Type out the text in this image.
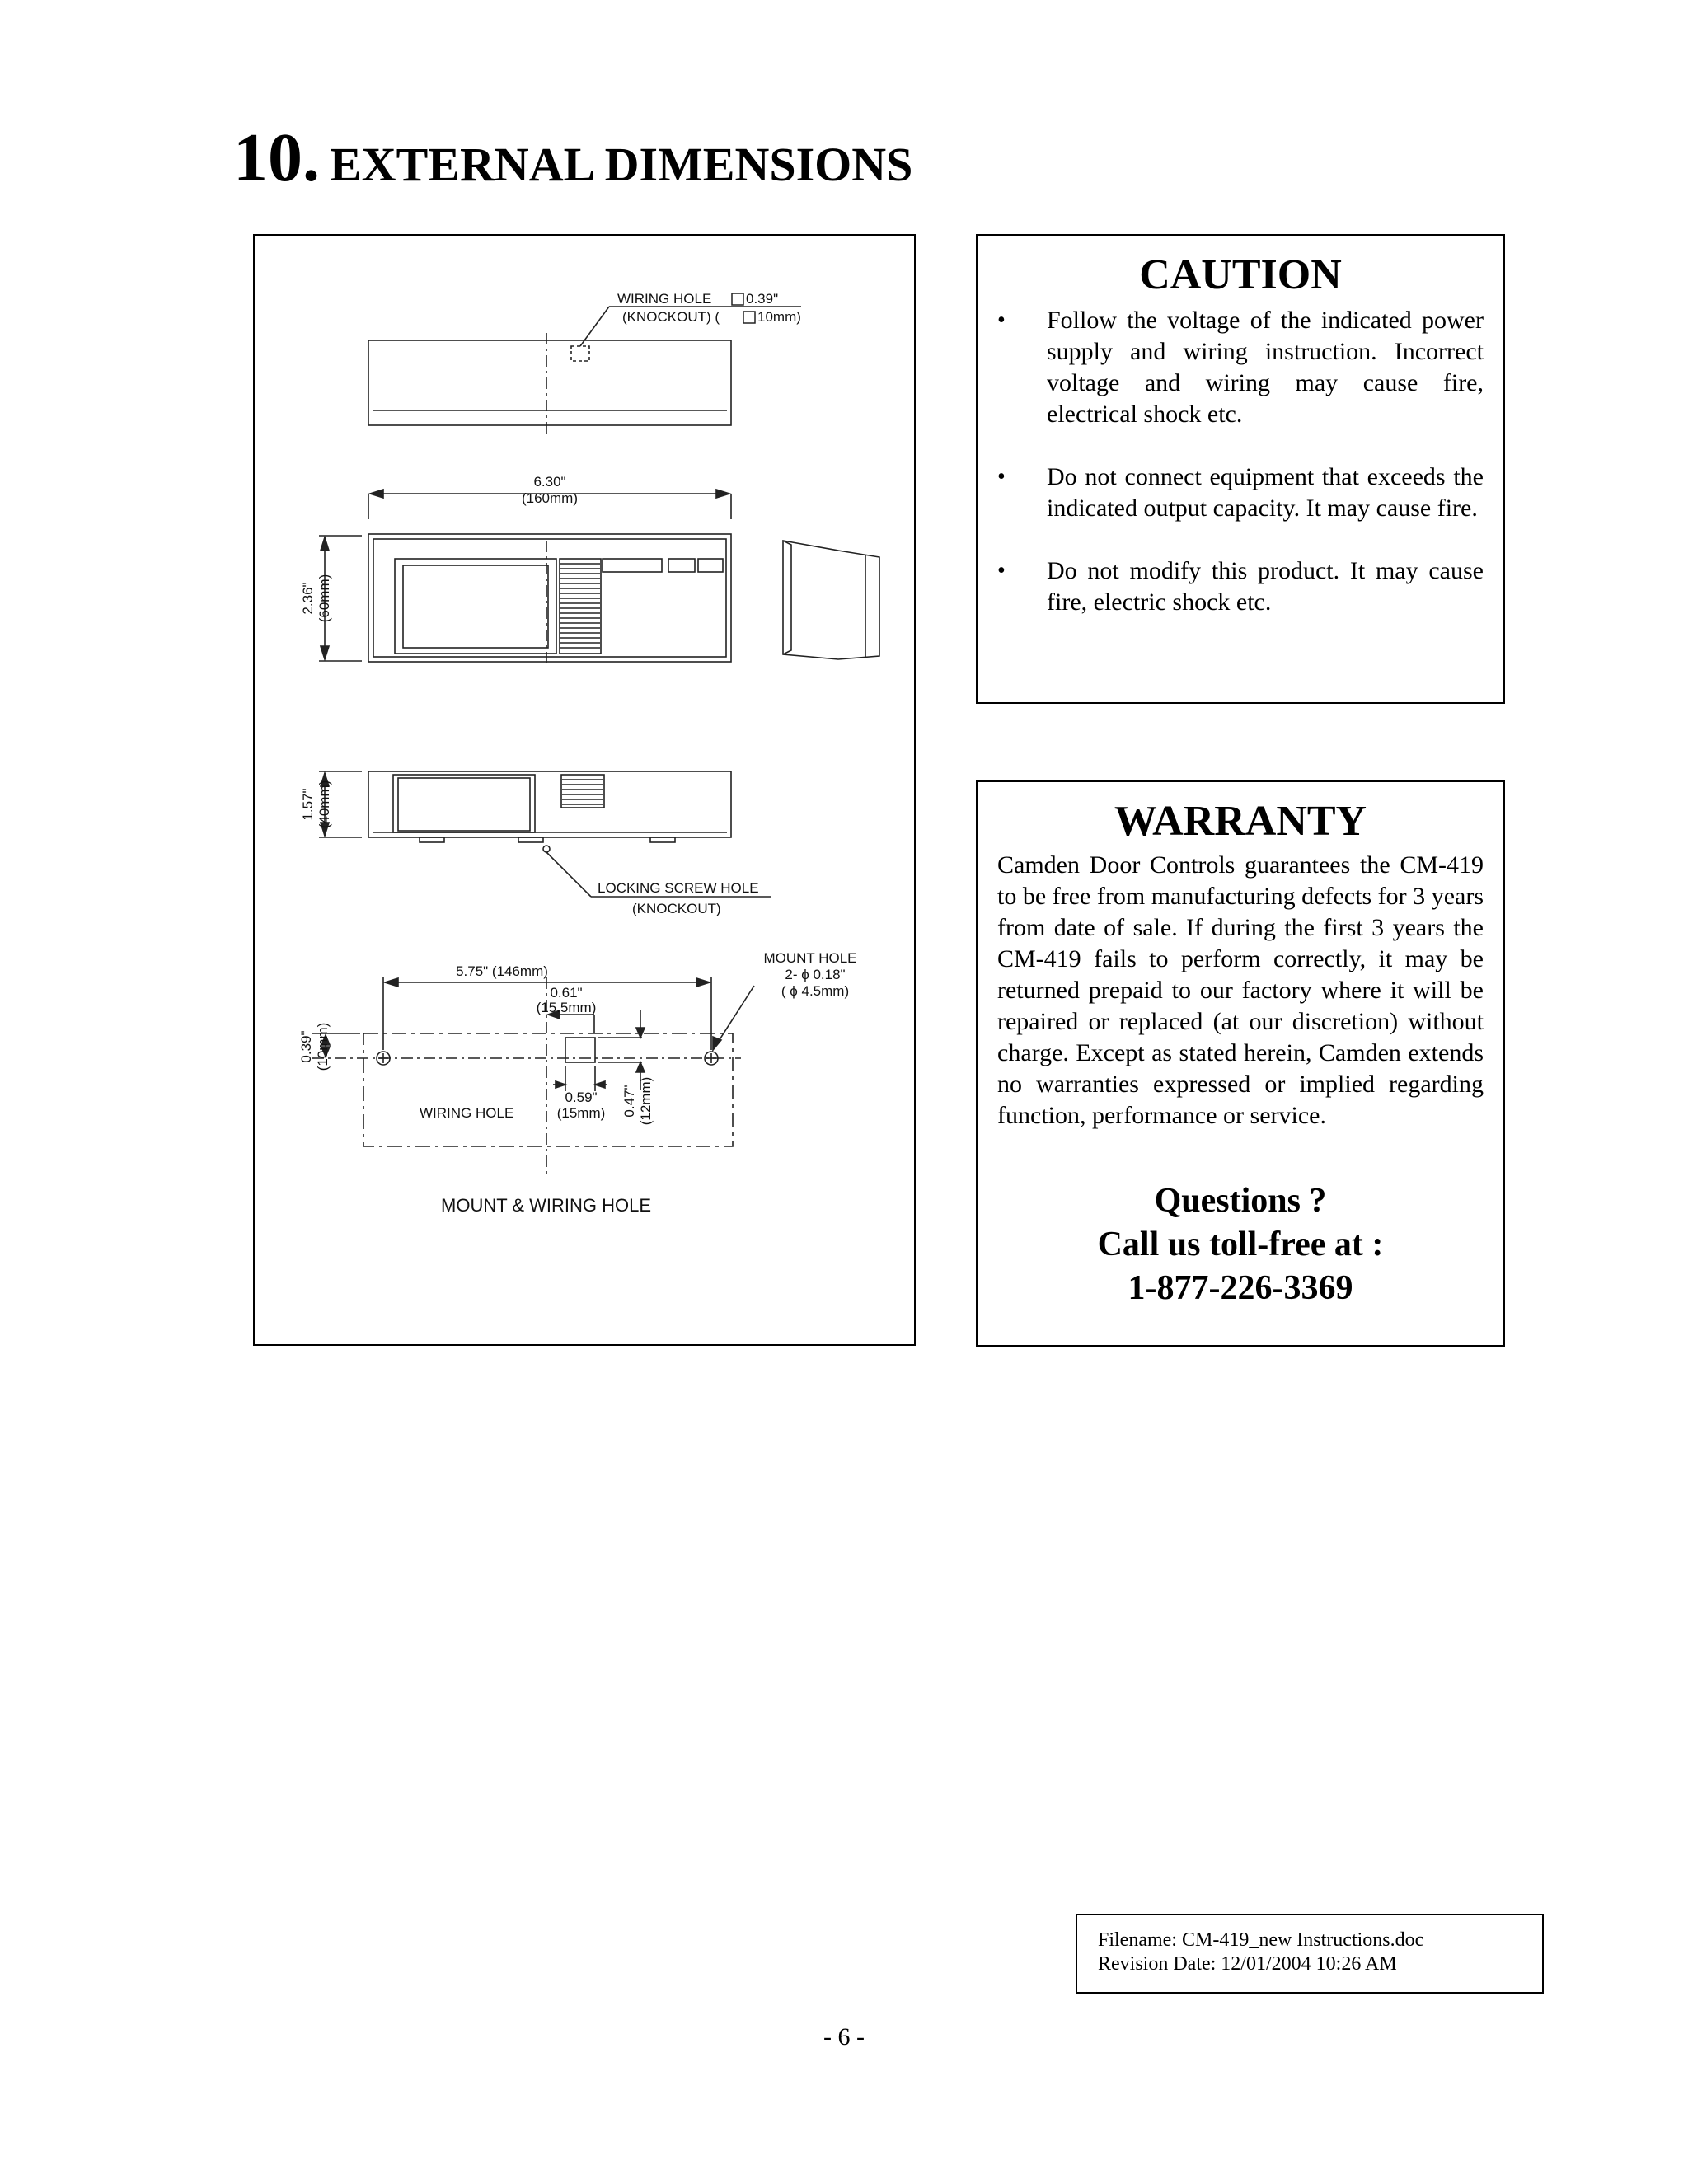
10. EXTERNAL DIMENSIONS
WIRING HOLE 0.39"
(KNOCKOUT) (	10mm)
6.30"
(160mm)
2.36" (60mm)
1.57" (40mm)
LOCKING SCREW HOLE
(KNOCKOUT)
5.75" (146mm)
MOUNT HOLE
2- ϕ 0.18"
( ϕ 4.5mm)
0.61"
(15.5mm)
0.39" (10mm)
WIRING HOLE
0.59"
(15mm) 0.47" (12mm)
MOUNT & WIRING HOLE
CAUTION
• Follow the voltage of the indicated power supply and wiring instruction. Incorrect voltage and wiring may cause fire, electrical shock etc.
• Do not connect equipment that exceeds the indicated output capacity. It may cause fire.
• Do not modify this product. It may cause fire, electric shock etc.
WARRANTY
Camden Door Controls guarantees the CM-419 to be free from manufacturing defects for 3 years from date of sale. If during the first 3 years the CM-419 fails to perform correctly, it may be returned prepaid to our factory where it will be repaired or replaced (at our discretion) without charge. Except as stated herein, Camden extends no warranties expressed or implied regarding function, performance or service.
Questions ?
Call us toll-free at :
1-877-226-3369
Filename: CM-419_new Instructions.doc
Revision Date: 12/01/2004 10:26 AM
- 6 -
